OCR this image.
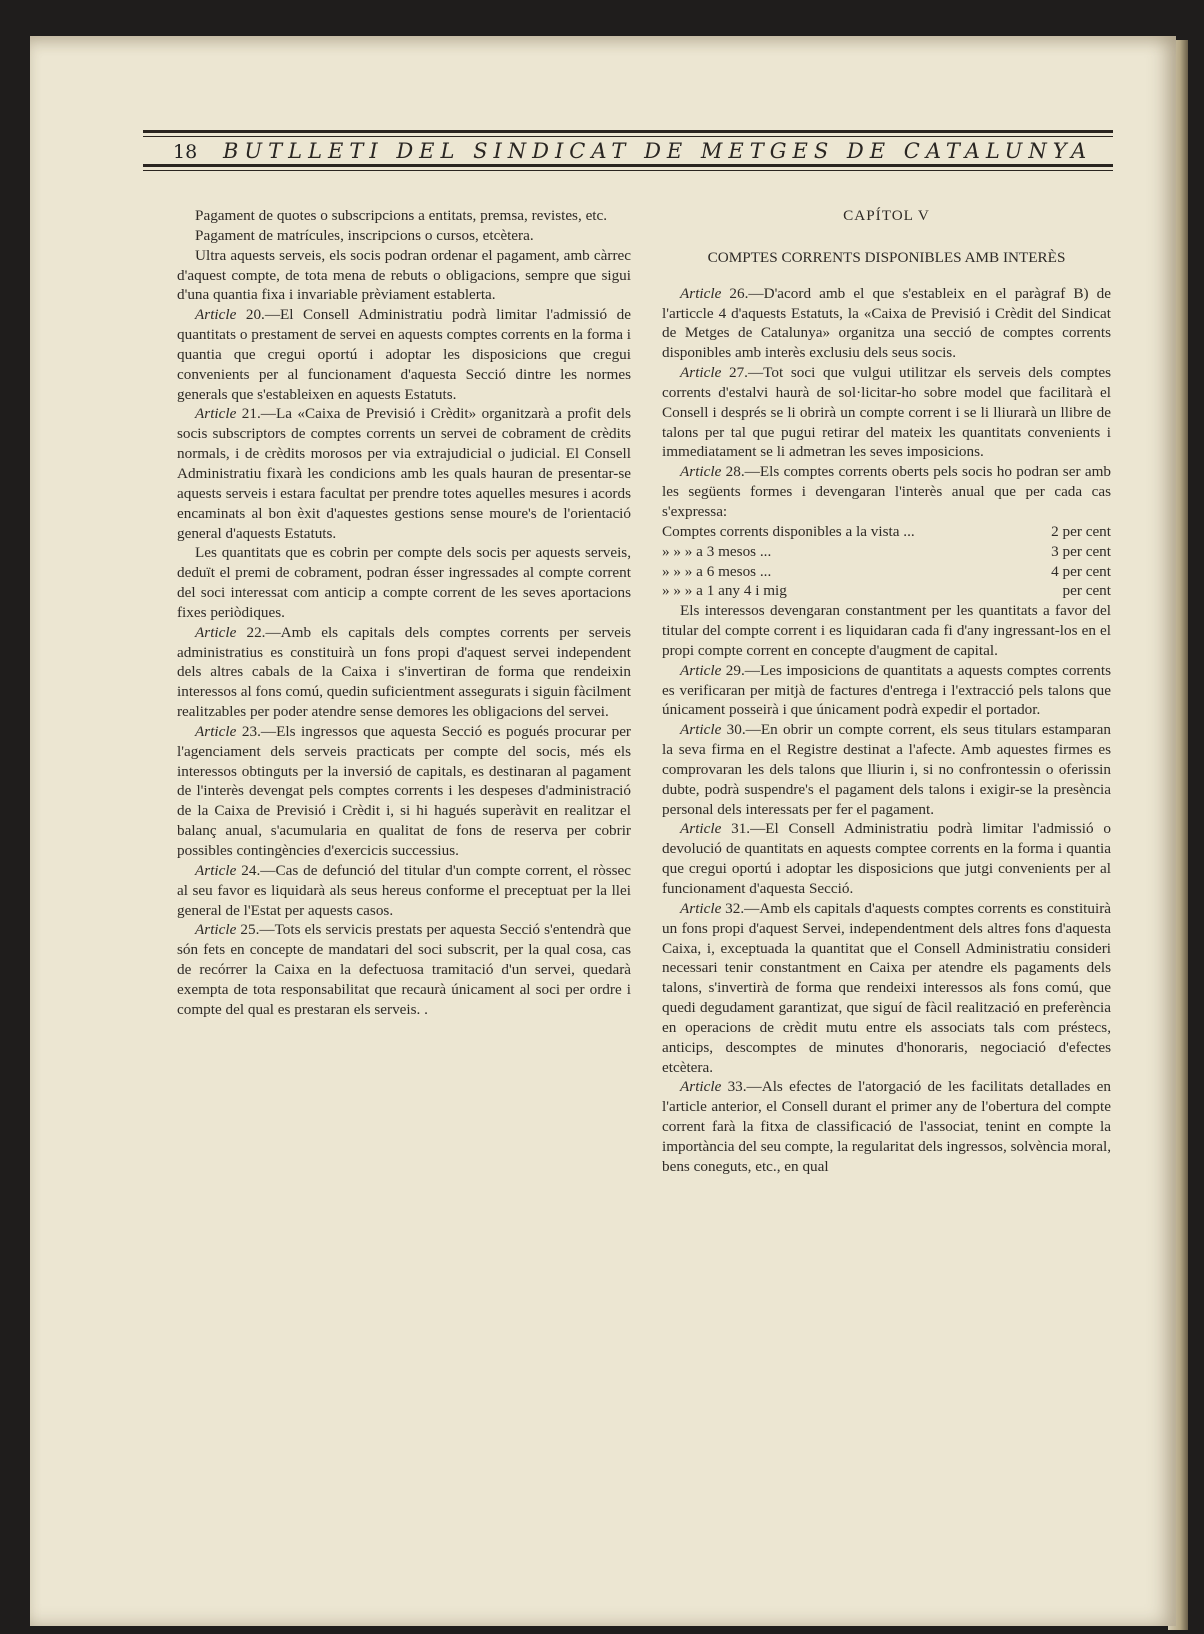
18 BUTLLETI DEL SINDICAT DE METGES DE CATALUNYA

Pagament de quotes o subscripcions a entitats, premsa, revistes, etc.

Pagament de matrícules, inscripcions o cursos, etcètera.

Ultra aquests serveis, els socis podran ordenar el pagament, amb càrrec d'aquest compte, de tota mena de rebuts o obligacions, sempre que sigui d'una quantia fixa i invariable prèviament establerta.

Article 20.—El Consell Administratiu podrà limitar l'admissió de quantitats o prestament de servei en aquests comptes corrents en la forma i quantia que cregui oportú i adoptar les disposicions que cregui convenients per al funcionament d'aquesta Secció dintre les normes generals que s'estableixen en aquests Estatuts.

Article 21.—La «Caixa de Previsió i Crèdit» organitzarà a profit dels socis subscriptors de comptes corrents un servei de cobrament de crèdits normals, i de crèdits morosos per via extrajudicial o judicial. El Consell Administratiu fixarà les condicions amb les quals hauran de presentar-se aquests serveis i estara facultat per prendre totes aquelles mesures i acords encaminats al bon èxit d'aquestes gestions sense moure's de l'orientació general d'aquests Estatuts.

Les quantitats que es cobrin per compte dels socis per aquests serveis, deduït el premi de cobrament, podran ésser ingressades al compte corrent del soci interessat com anticip a compte corrent de les seves aportacions fixes periòdiques.

Article 22.—Amb els capitals dels comptes corrents per serveis administratius es constituirà un fons propi d'aquest servei independent dels altres cabals de la Caixa i s'invertiran de forma que rendeixin interessos al fons comú, quedin suficientment assegurats i siguin fàcilment realitzables per poder atendre sense demores les obligacions del servei.

Article 23.—Els ingressos que aquesta Secció es pogués procurar per l'agenciament dels serveis practicats per compte del socis, més els interessos obtinguts per la inversió de capitals, es destinaran al pagament de l'interès devengat pels comptes corrents i les despeses d'administració de la Caixa de Previsió i Crèdit i, si hi hagués superàvit en realitzar el balanç anual, s'acumularia en qualitat de fons de reserva per cobrir possibles contingències d'exercicis successius.

Article 24.—Cas de defunció del titular d'un compte corrent, el ròssec al seu favor es liquidarà als seus hereus conforme el preceptuat per la llei general de l'Estat per aquests casos.

Article 25.—Tots els servicis prestats per aquesta Secció s'entendrà que són fets en concepte de mandatari del soci subscrit, per la qual cosa, cas de recórrer la Caixa en la defectuosa tramitació d'un servei, quedarà exempta de tota responsabilitat que recaurà únicament al soci per ordre i compte del qual es prestaran els serveis. .

CAPÍTOL V

COMPTES CORRENTS DISPONIBLES AMB INTERÈS

Article 26.—D'acord amb el que s'estableix en el paràgraf B) de l'articcle 4 d'aquests Estatuts, la «Caixa de Previsió i Crèdit del Sindicat de Metges de Catalunya» organitza una secció de comptes corrents disponibles amb interès exclusiu dels seus socis.

Article 27.—Tot soci que vulgui utilitzar els serveis dels comptes corrents d'estalvi haurà de sol·licitar-ho sobre model que facilitarà el Consell i després se li obrirà un compte corrent i se li lliurarà un llibre de talons per tal que pugui retirar del mateix les quantitats convenients i immediatament se li admetran les seves imposicions.

Article 28.—Els comptes corrents oberts pels socis ho podran ser amb les següents formes i devengaran l'interès anual que per cada cas s'expressa:

Comptes corrents disponibles a la vista ...	2 per cent
» » » a 3 mesos ...	3 per cent
» » » a 6 mesos ...	4 per cent
» » » a 1 any 4 i mig	per cent

Els interessos devengaran constantment per les quantitats a favor del titular del compte corrent i es liquidaran cada fi d'any ingressant-los en el propi compte corrent en concepte d'augment de capital.

Article 29.—Les imposicions de quantitats a aquests comptes corrents es verificaran per mitjà de factures d'entrega i l'extracció pels talons que únicament posseirà i que únicament podrà expedir el portador.

Article 30.—En obrir un compte corrent, els seus titulars estamparan la seva firma en el Registre destinat a l'afecte. Amb aquestes firmes es comprovaran les dels talons que lliurin i, si no confrontessin o oferissin dubte, podrà suspendre's el pagament dels talons i exigir-se la presència personal dels interessats per fer el pagament.

Article 31.—El Consell Administratiu podrà limitar l'admissió o devolució de quantitats en aquests comptee corrents en la forma i quantia que cregui oportú i adoptar les disposicions que jutgi convenients per al funcionament d'aquesta Secció.

Article 32.—Amb els capitals d'aquests comptes corrents es constituirà un fons propi d'aquest Servei, independentment dels altres fons d'aquesta Caixa, i, exceptuada la quantitat que el Consell Administratiu consideri necessari tenir constantment en Caixa per atendre els pagaments dels talons, s'invertirà de forma que rendeixi interessos als fons comú, que quedi degudament garantizat, que siguí de fàcil realització en preferència en operacions de crèdit mutu entre els associats tals com préstecs, anticips, descomptes de minutes d'honoraris, negociació d'efectes etcètera.

Article 33.—Als efectes de l'atorgació de les facilitats detallades en l'article anterior, el Consell durant el primer any de l'obertura del compte corrent farà la fitxa de classificació de l'associat, tenint en compte la importància del seu compte, la regularitat dels ingressos, solvència moral, bens coneguts, etc., en qual
